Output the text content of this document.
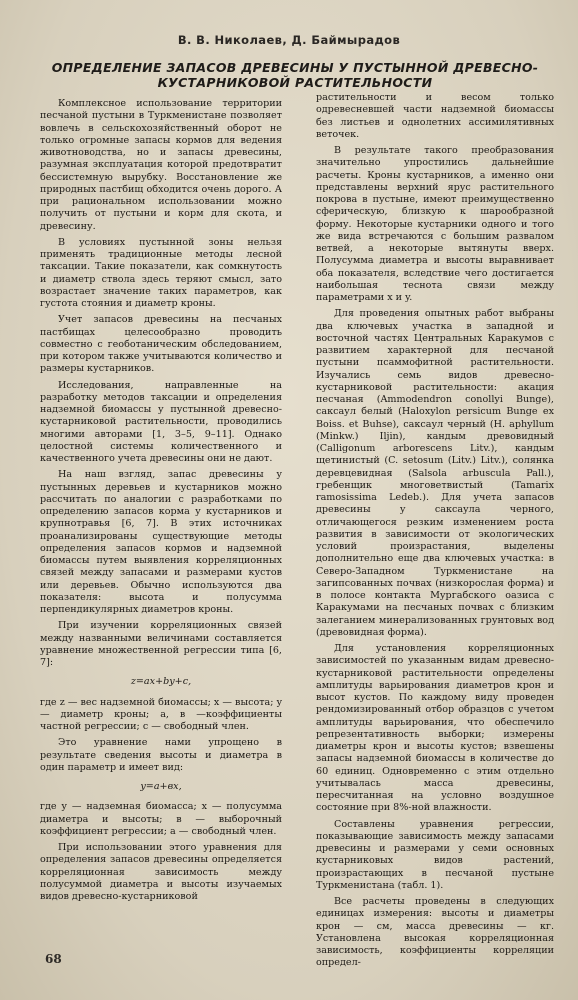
В. В. Николаев, Д. Баймырадов
ОПРЕДЕЛЕНИЕ ЗАПАСОВ ДРЕВЕСИНЫ У ПУСТЫННОЙ ДРЕВЕСНО-КУСТАРНИКОВОЙ РАСТИТЕЛЬНОСТИ

Комплексное использование территории песчаной пустыни в Туркменистане позволяет вовлечь в сельскохозяйственный оборот не только огромные запасы кормов для ведения животноводства, но и запасы древесины, разумная эксплуатация которой предотвратит бессистемную вырубку. Восстановление же природных пастбищ обходится очень дорого. А при рациональном использовании можно получить от пустыни и корм для скота, и древесину.

В условиях пустынной зоны нельзя применять традиционные методы лесной таксации. Такие показатели, как сомкнутость и диаметр ствола здесь теряют смысл, зато возрастает значение таких параметров, как густота стояния и диаметр кроны.

Учет запасов древесины на песчаных пастбищах целесообразно проводить совместно с геоботаническим обследованием, при котором также учитываются количество и размеры кустарников.

Исследования, направленные на разработку методов таксации и определения надземной биомассы у пустынной древесно-кустарниковой растительности, проводились многими авторами [1, 3–5, 9–11]. Однако целостной системы количественного и качественного учета древесины они не дают.

На наш взгляд, запас древесины у пустынных деревьев и кустарников можно рассчитать по аналогии с разработками по определению запасов корма у кустарников и крупнотравья [6, 7]. В этих источниках проанализированы существующие методы определения запасов кормов и надземной биомассы путем выявления корреляционных связей между запасами и размерами кустов или деревьев. Обычно используются два показателя: высота и полусумма перпендикулярных диаметров кроны.

При изучении корреляционных связей между названными величинами составляется уравнение множественной регрессии типа [6, 7]:

z=ax+by+c,

где z — вес надземной биомассы; x — высота; y — диаметр кроны; a, в —коэффициенты частной регрессии; c — свободный член.

Это уравнение нами упрощено в результате сведения высоты и диаметра в один параметр и имеет вид:

y=a+вx,

где y — надземная биомасса; x — полусумма диаметра и высоты; в — выборочный коэффициент регрессии; a — свободный член.

При использовании этого уравнения для определения запасов древесины определяется корреляционная зависимость между полусуммой диаметра и высоты изучаемых видов древесно-кустарниковой

растительности и весом только одревесневшей части надземной биомассы без листьев и однолетних ассимилятивных веточек.

В результате такого преобразования значительно упростились дальнейшие расчеты. Кроны кустарников, а именно они представлены верхний ярус растительного покрова в пустыне, имеют преимущественно сферическую, близкую к шарообразной форму. Некоторые кустарники одного и того же вида встречаются с большим развалом ветвей, а некоторые вытянуты вверх. Полусумма диаметра и высоты выравнивает оба показателя, вследствие чего достигается наибольшая теснота связи между параметрами x и y.

Для проведения опытных работ выбраны два ключевых участка в западной и восточной частях Центральных Каракумов с развитием характерной для песчаной пустыни псаммофитной растительности. Изучались семь видов древесно-кустарниковой растительности: акация песчаная (Ammodendron conollyi Bunge), саксаул белый (Haloxylon persicum Bunge ex Boiss. et Buhse), саксаул черный (H. aphyllum (Minkw.) Iljin), кандым древовидный (Calligonum arborescens Litv.), кандым щетинистый (C. setosum (Litv.) Litv.), солянка деревцевидная (Salsola arbuscula Pall.), гребенщик многоветвистый (Tamarix ramosissima Ledeb.). Для учета запасов древесины у саксаула черного, отличающегося резким изменением роста развития в зависимости от экологических условий произрастания, выделены дополнительно еще два ключевых участка: в Северо-Западном Туркменистане на загипсованных почвах (низкорослая форма) и в полосе контакта Мургабского оазиса с Каракумами на песчаных почвах с близким залеганием минерализованных грунтовых вод (древовидная форма).

Для установления корреляционных зависимостей по указанным видам древесно-кустарниковой растительности определены амплитуды варьирования диаметров крон и высот кустов. По каждому виду проведен рендомизированный отбор образцов с учетом амплитуды варьирования, что обеспечило репрезентативность выборки; измерены диаметры крон и высоты кустов; взвешены запасы надземной биомассы в количестве до 60 единиц. Одновременно с этим отдельно учитывалась масса древесины, пересчитанная на условно воздушное состояние при 8%-ной влажности.

Составлены уравнения регрессии, показывающие зависимость между запасами древесины и размерами у семи основных кустарниковых видов растений, произрастающих в песчаной пустыне Туркменистана (табл. 1).

Все расчеты проведены в следующих единицах измерения: высоты и диаметры крон — см, масса древесины — кг. Установлена высокая корреляционная зависимость, коэффициенты корреляции определ-

68
